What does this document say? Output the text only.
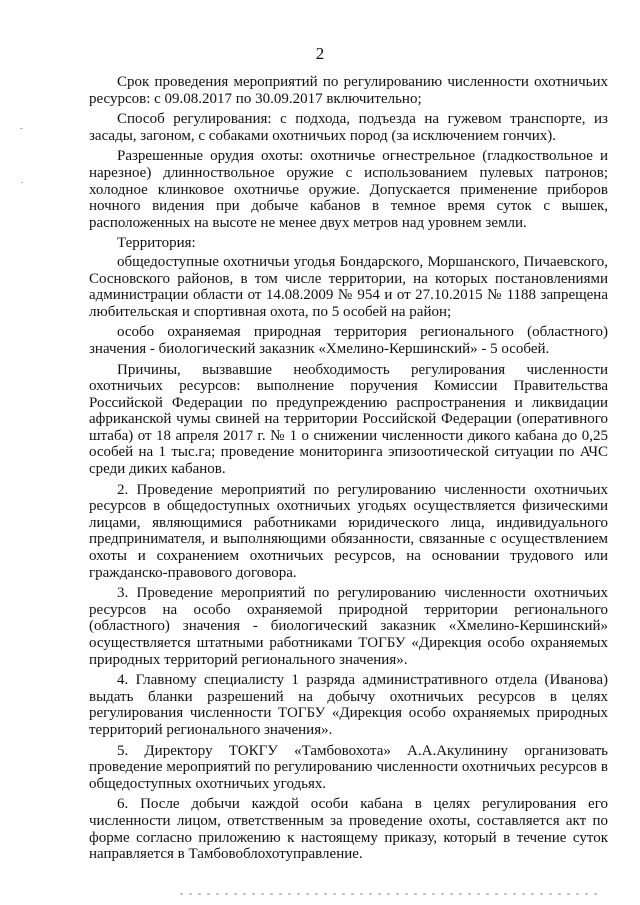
2

Срок проведения мероприятий по регулированию численности охотничьих ресурсов: с 09.08.2017 по 30.09.2017 включительно;

Способ регулирования: с подхода, подъезда на гужевом транспорте, из засады, загоном, с собаками охотничьих пород (за исключением гончих).

Разрешенные орудия охоты: охотничье огнестрельное (гладкоствольное и нарезное) длинноствольное оружие с использованием пулевых патронов; холодное клинковое охотничье оружие. Допускается применение приборов ночного видения при добыче кабанов в темное время суток с вышек, расположенных на высоте не менее двух метров над уровнем земли.

Территория:

общедоступные охотничьи угодья Бондарского, Моршанского, Пичаевского, Сосновского районов, в том числе территории, на которых постановлениями администрации области от 14.08.2009 № 954 и от 27.10.2015 № 1188 запрещена любительская и спортивная охота, по 5 особей на район;

особо охраняемая природная территория регионального (областного) значения - биологический заказник «Хмелино-Кершинский» - 5 особей.

Причины, вызвавшие необходимость регулирования численности охотничьих ресурсов: выполнение поручения Комиссии Правительства Российской Федерации по предупреждению распространения и ликвидации африканской чумы свиней на территории Российской Федерации (оперативного штаба) от 18 апреля 2017 г. № 1 о снижении численности дикого кабана до 0,25 особей на 1 тыс.га; проведение мониторинга эпизоотической ситуации по АЧС среди диких кабанов.

2. Проведение мероприятий по регулированию численности охотничьих ресурсов в общедоступных охотничьих угодьях осуществляется физическими лицами, являющимися работниками юридического лица, индивидуального предпринимателя, и выполняющими обязанности, связанные с осуществлением охоты и сохранением охотничьих ресурсов, на основании трудового или гражданско-правового договора.

3. Проведение мероприятий по регулированию численности охотничьих ресурсов на особо охраняемой природной территории регионального (областного) значения - биологический заказник «Хмелино-Кершинский» осуществляется штатными работниками ТОГБУ «Дирекция особо охраняемых природных территорий регионального значения».

4. Главному специалисту 1 разряда административного отдела (Иванова) выдать бланки разрешений на добычу охотничьих ресурсов в целях регулирования численности ТОГБУ «Дирекция особо охраняемых природных территорий регионального значения».

5. Директору ТОКГУ «Тамбовохота» А.А.Акулинину организовать проведение мероприятий по регулированию численности охотничьих ресурсов в общедоступных охотничьих угодьях.

6. После добычи каждой особи кабана в целях регулирования его численности лицом, ответственным за проведение охоты, составляется акт по форме согласно приложению к настоящему приказу, который в течение суток направляется в Тамбовоблохотуправление.
